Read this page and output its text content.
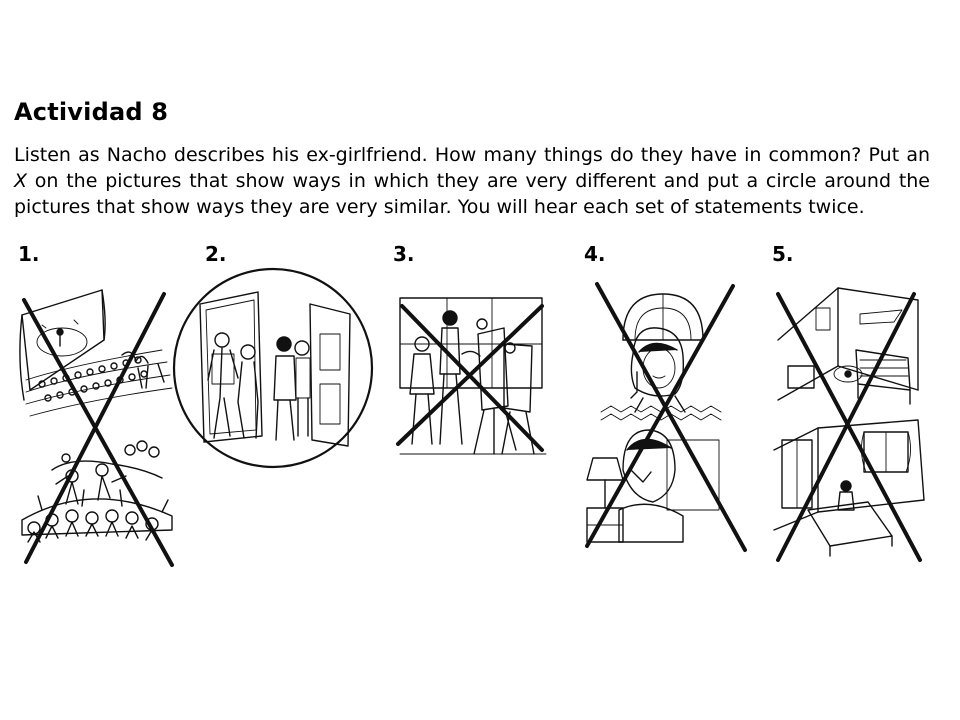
Actividad 8

Listen as Nacho describes his ex-girlfriend. How many things do they have in common? Put an X on the pictures that show ways in which they are very different and put a circle around the pictures that show ways they are very similar. You will hear each set of statements twice.

1.	2.	3.	4.	5.
